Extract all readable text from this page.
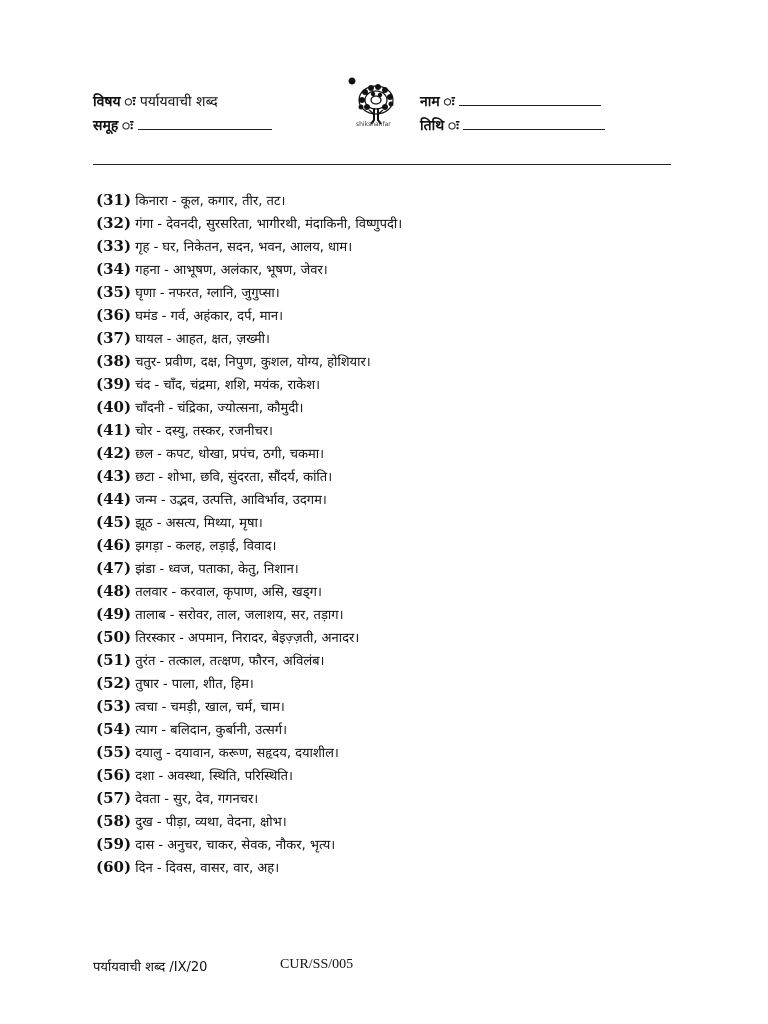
विषय ः पर्यायवाची शब्द
समूह ः
नाम ः
तिथि ः
shikshanfar
(31) किनारा - कूल, कगार, तीर, तट।
(32) गंगा - देवनदी, सुरसरिता, भागीरथी, मंदाकिनी, विष्णुपदी।
(33) गृह - घर, निकेतन, सदन, भवन, आलय, धाम।
(34) गहना - आभूषण, अलंकार, भूषण, जेवर।
(35) घृणा - नफरत, ग्लानि, जुगुप्सा।
(36) घमंड - गर्व, अहंकार, दर्प, मान।
(37) घायल - आहत, क्षत, ज़ख्मी।
(38) चतुर- प्रवीण, दक्ष, निपुण, कुशल, योग्य, होशियार।
(39) चंद - चाँद, चंद्रमा, शशि, मयंक, राकेश।
(40) चाँदनी - चंद्रिका, ज्योत्सना, कौमुदी।
(41) चोर - दस्यु, तस्कर, रजनीचर।
(42) छल - कपट, धोखा, प्रपंच, ठगी, चकमा।
(43) छटा - शोभा, छवि, सुंदरता, सौंदर्य, कांति।
(44) जन्म - उद्भव, उत्पत्ति, आविर्भाव, उदगम।
(45) झूठ - असत्य, मिथ्या, मृषा।
(46) झगड़ा - कलह, लड़ाई, विवाद।
(47) झंडा - ध्वज, पताका, केतु, निशान।
(48) तलवार - करवाल, कृपाण, असि, खड्ग।
(49) तालाब - सरोवर, ताल, जलाशय, सर, तड़ाग।
(50) तिरस्कार - अपमान, निरादर, बेइज़्ज़ती, अनादर।
(51) तुरंत - तत्काल, तत्क्षण, फौरन, अविलंब।
(52) तुषार - पाला, शीत, हिम।
(53) त्वचा - चमड़ी, खाल, चर्म, चाम।
(54) त्याग - बलिदान, कुर्बानी, उत्सर्ग।
(55) दयालु - दयावान, करूण, सहृदय, दयाशील।
(56) दशा - अवस्था, स्थिति, परिस्थिति।
(57) देवता - सुर, देव, गगनचर।
(58) दुख - पीड़ा, व्यथा, वेदना, क्षोभ।
(59) दास - अनुचर, चाकर, सेवक, नौकर, भृत्य।
(60) दिन - दिवस, वासर, वार, अह।
पर्यायवाची शब्द /IX/20	CUR/SS/005
